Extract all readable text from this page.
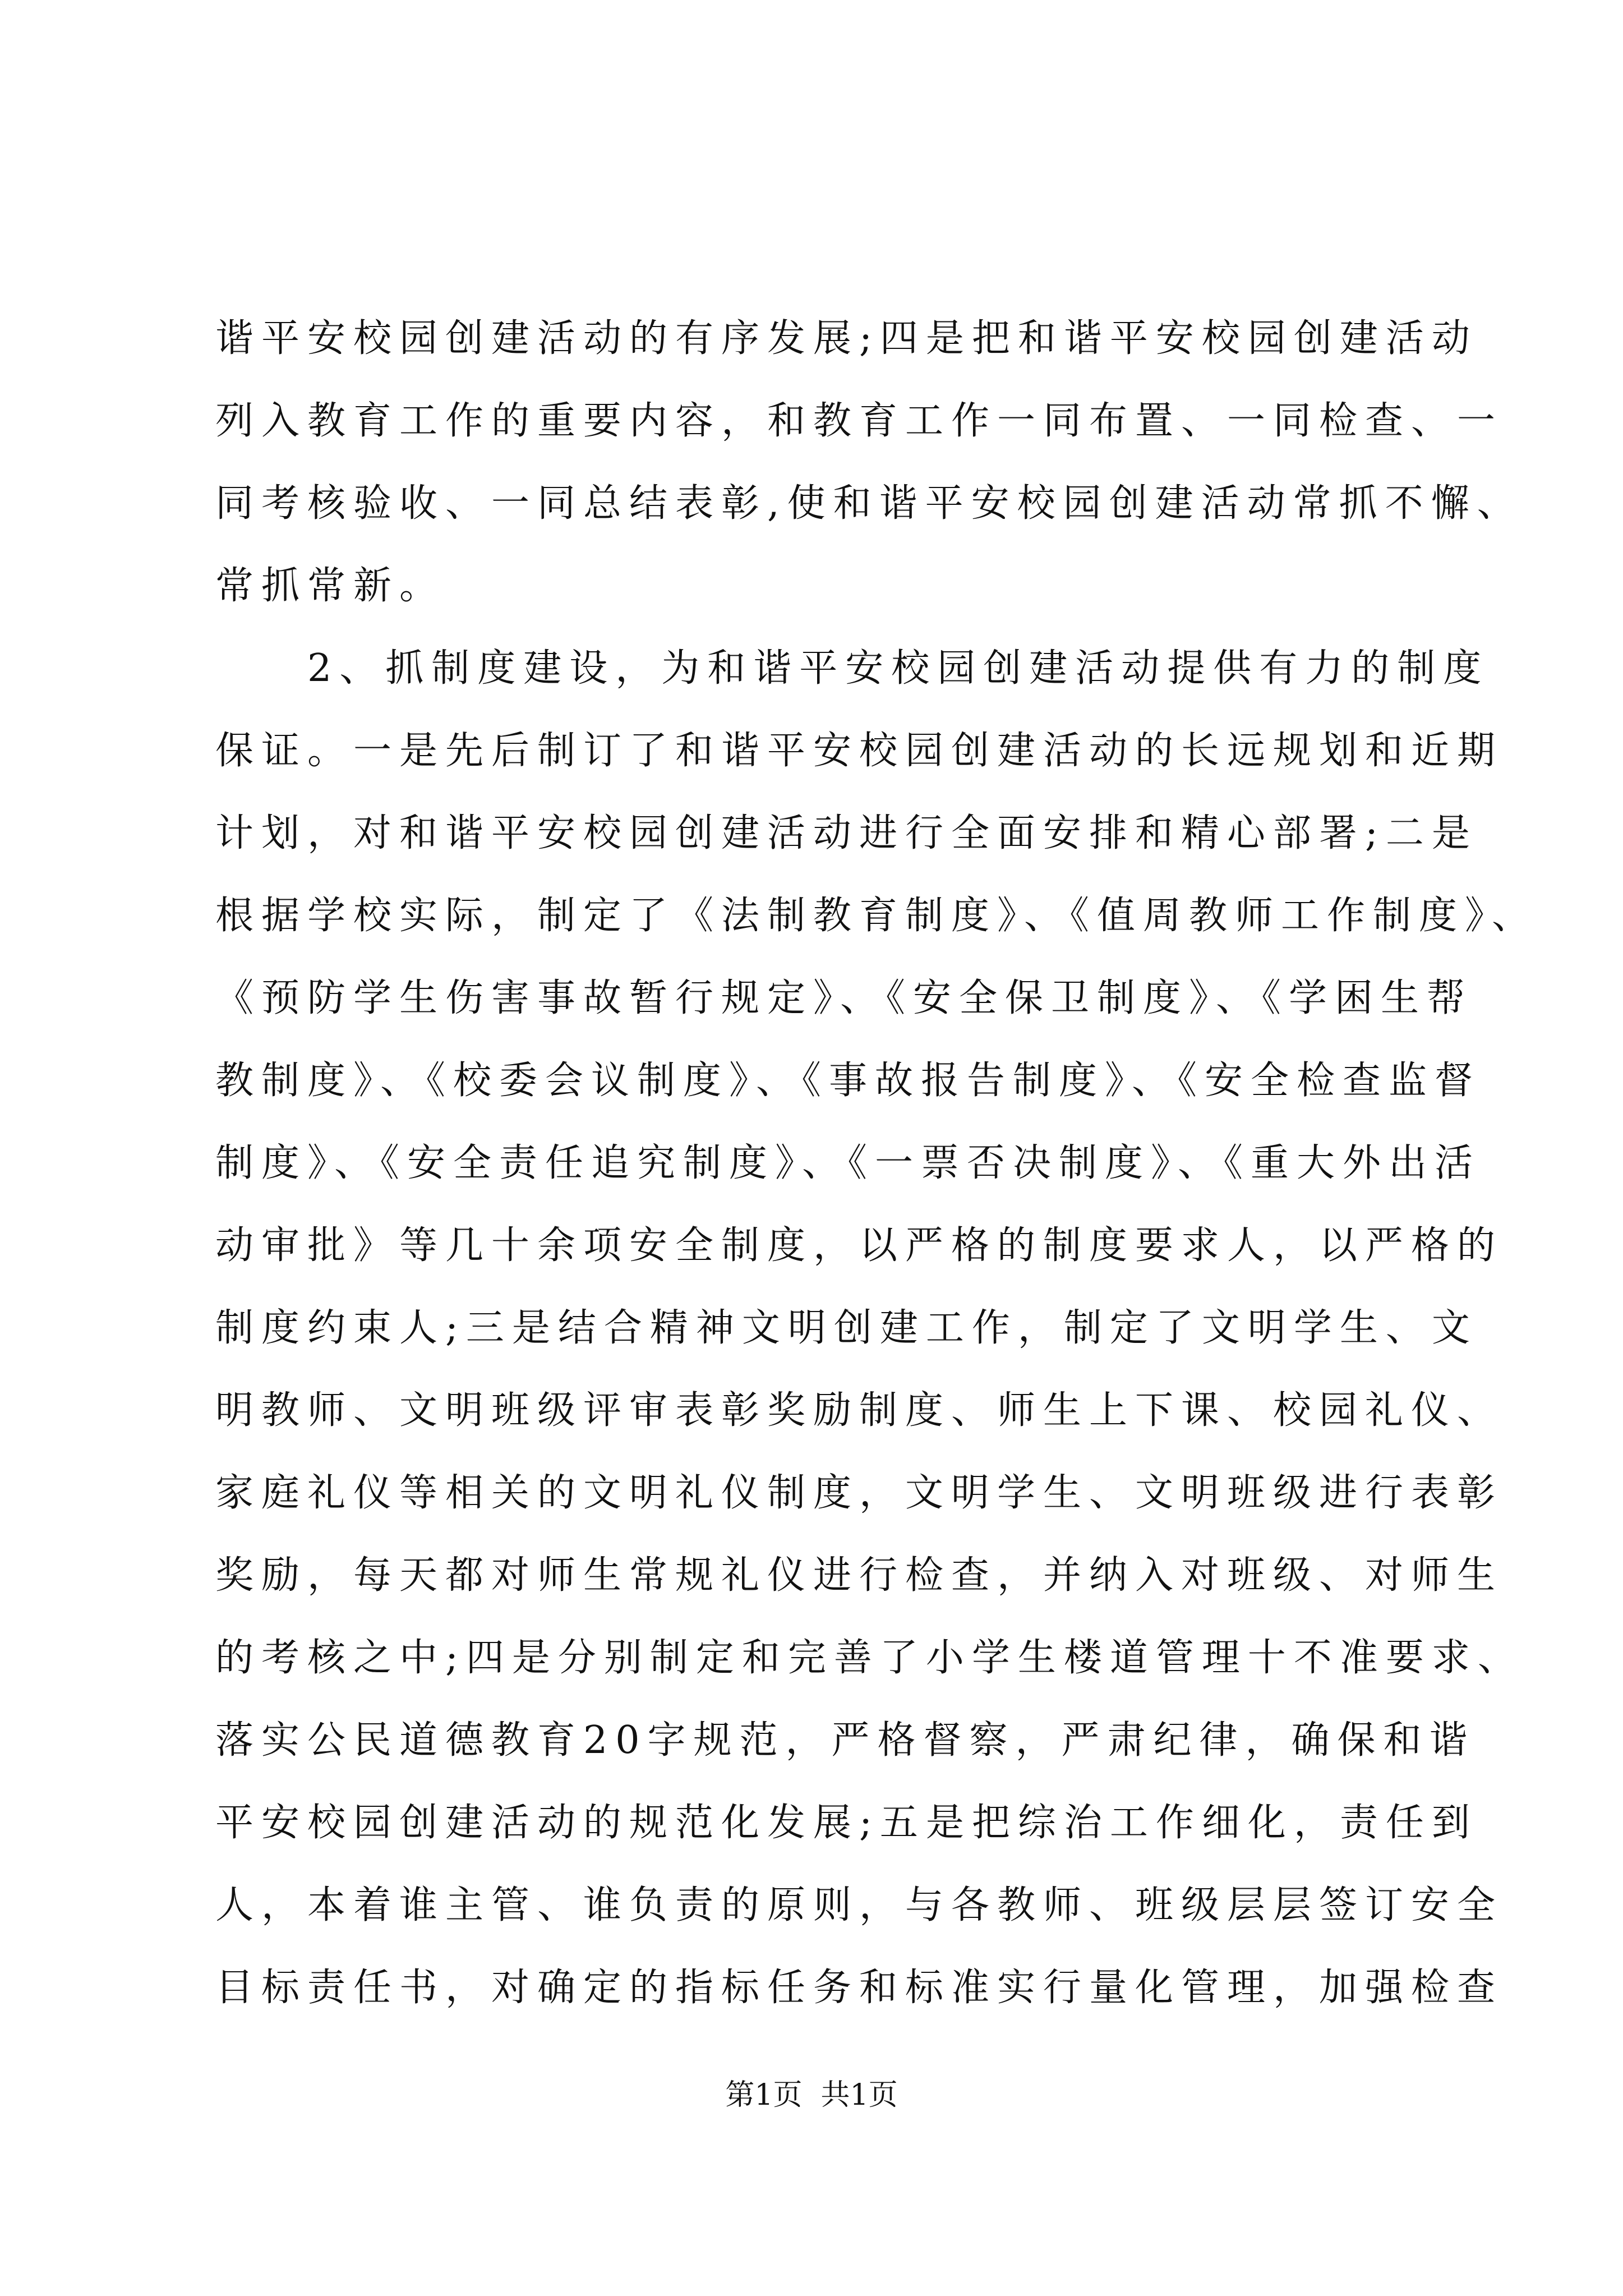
谐平安校园创建活动的有序发展;四是把和谐平安校园创建活动
列入教育工作的重要内容，和教育工作一同布置、一同检查、一
同考核验收、一同总结表彰,使和谐平安校园创建活动常抓不懈、
常抓常新。
　　2、抓制度建设，为和谐平安校园创建活动提供有力的制度
保证。一是先后制订了和谐平安校园创建活动的长远规划和近期
计划，对和谐平安校园创建活动进行全面安排和精心部署;二是
根据学校实际，制定了《法制教育制度》、《值周教师工作制度》、
《预防学生伤害事故暂行规定》、《安全保卫制度》、《学困生帮
教制度》、《校委会议制度》、《事故报告制度》、《安全检查监督
制度》、《安全责任追究制度》、《一票否决制度》、《重大外出活
动审批》等几十余项安全制度，以严格的制度要求人，以严格的
制度约束人;三是结合精神文明创建工作，制定了文明学生、文
明教师、文明班级评审表彰奖励制度、师生上下课、校园礼仪、
家庭礼仪等相关的文明礼仪制度，文明学生、文明班级进行表彰
奖励，每天都对师生常规礼仪进行检查，并纳入对班级、对师生
的考核之中;四是分别制定和完善了小学生楼道管理十不准要求、
落实公民道德教育20字规范，严格督察，严肃纪律，确保和谐
平安校园创建活动的规范化发展;五是把综治工作细化，责任到
人，本着谁主管、谁负责的原则，与各教师、班级层层签订安全
目标责任书，对确定的指标任务和标准实行量化管理，加强检查
第1页  共1页
